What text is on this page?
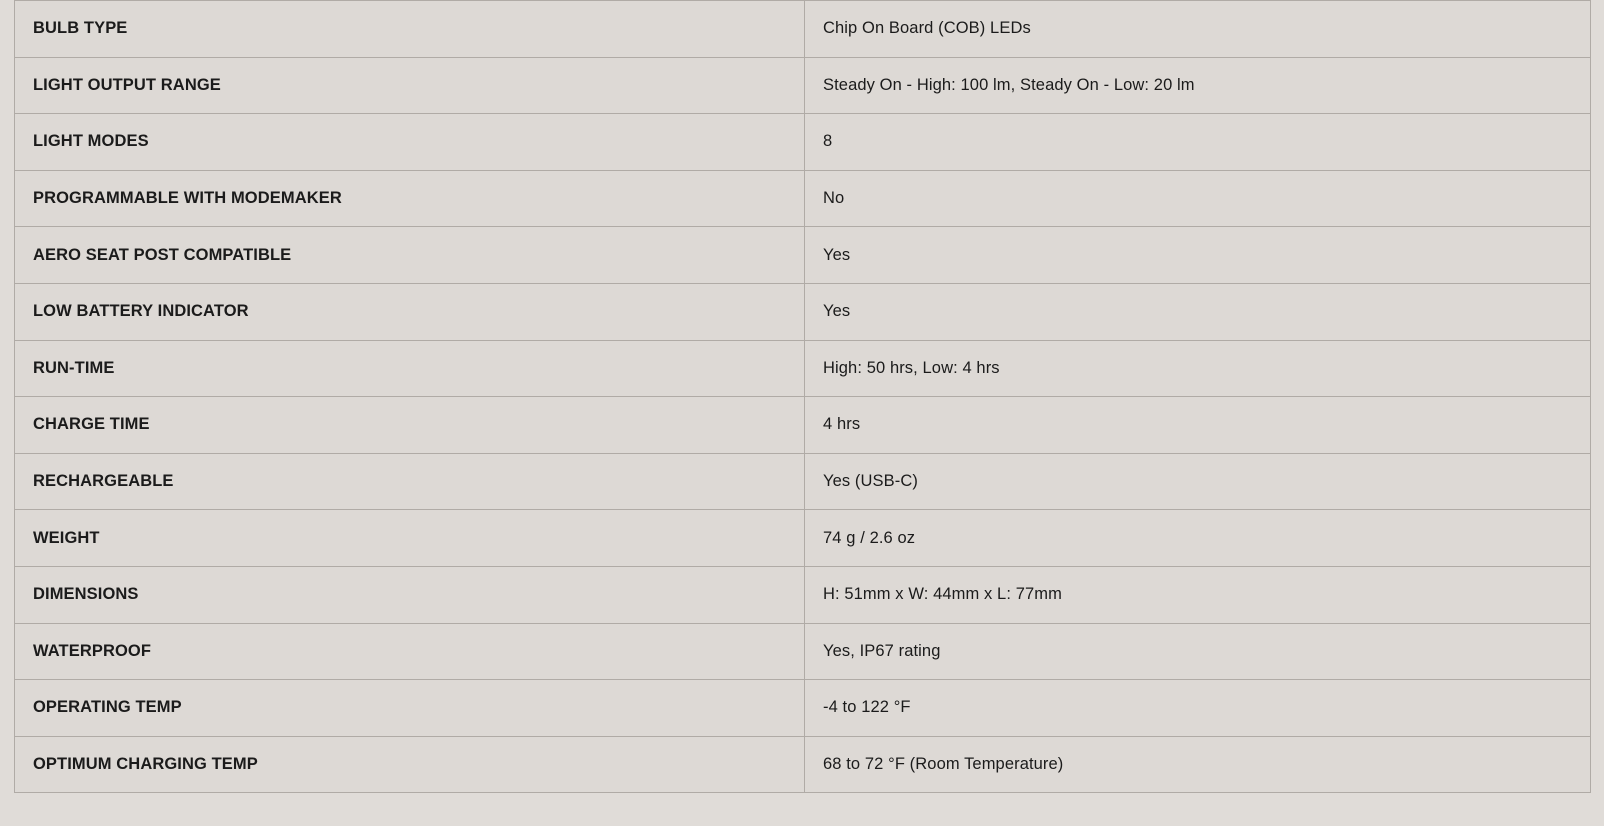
BULB TYPE	Chip On Board (COB) LEDs
LIGHT OUTPUT RANGE	Steady On - High: 100 lm, Steady On - Low: 20 lm
LIGHT MODES	8
PROGRAMMABLE WITH MODEMAKER	No
AERO SEAT POST COMPATIBLE	Yes
LOW BATTERY INDICATOR	Yes
RUN-TIME	High: 50 hrs, Low: 4 hrs
CHARGE TIME	4 hrs
RECHARGEABLE	Yes (USB-C)
WEIGHT	74 g / 2.6 oz
DIMENSIONS	H: 51mm x W: 44mm x L: 77mm
WATERPROOF	Yes, IP67 rating
OPERATING TEMP	-4 to 122 °F
OPTIMUM CHARGING TEMP	68 to 72 °F (Room Temperature)
